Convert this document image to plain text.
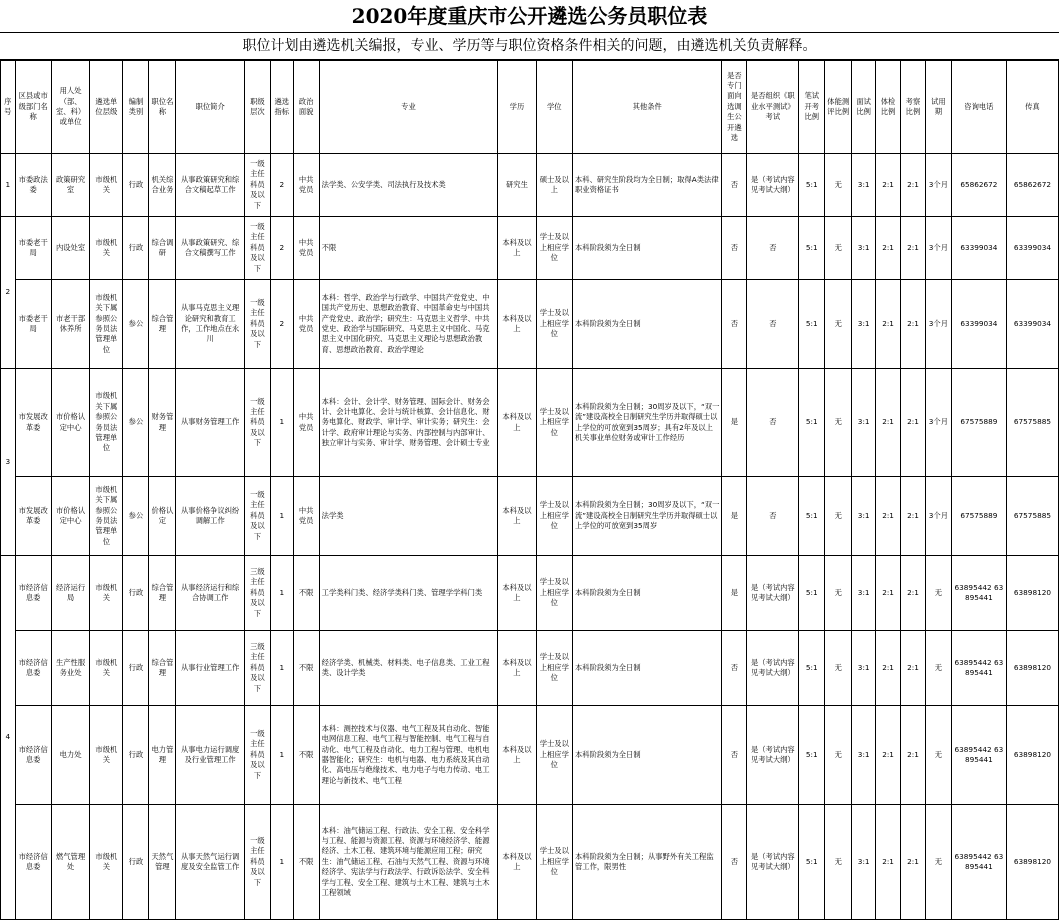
2020年度重庆市公开遴选公务员职位表
职位计划由遴选机关编报，专业、学历等与职位资格条件相关的问题，由遴选机关负责解释。
序号	区县或市级部门名称	用人处（部、室、科）或单位	遴选单位层级	编制类别	职位名称	职位简介	职级层次	遴选指标	政治面貌	专业	学历	学位	其他条件	是否专门面向选调生公开遴选	是否组织《职业水平测试》考试	笔试开考比例	体能测评比例	面试比例	体检比例	考察比例	试用期	咨询电话	传真
1	市委政法委	政策研究室	市级机关	行政	机关综合业务	从事政策研究和综合文稿起草工作	一级主任科员及以下	2	中共党员	法学类、公安学类、司法执行及技术类	研究生	硕士及以上	本科、研究生阶段均为全日制；取得A类法律职业资格证书	否	是（考试内容见考试大纲）	5:1	无	3:1	2:1	2:1	3个月	65862672	65862672
2	市委老干局	内设处室	市级机关	行政	综合调研	从事政策研究、综合文稿撰写工作	一级主任科员及以下	2	中共党员	不限	本科及以上	学士及以上相应学位	本科阶段须为全日制	否	否	5:1	无	3:1	2:1	2:1	3个月	63399034	63399034
	市委老干局	市老干部休养所	市级机关下属参照公务员法管理单位	参公	综合管理	从事马克思主义理论研究和教育工作，工作地点在永川	一级主任科员及以下	2	中共党员	本科：哲学、政治学与行政学、中国共产党党史、中国共产党历史、思想政治教育、中国革命史与中国共产党党史、政治学；研究生：马克思主义哲学、中共党史、政治学与国际研究、马克思主义中国化、马克思主义中国化研究、马克思主义理论与思想政治教育、思想政治教育、政治学理论	本科及以上	学士及以上相应学位	本科阶段须为全日制	否	否	5:1	无	3:1	2:1	2:1	3个月	63399034	63399034
3	市发展改革委	市价格认定中心	市级机关下属参照公务员法管理单位	参公	财务管理	从事财务管理工作	一级主任科员及以下	1	中共党员	本科：会计、会计学、财务管理、国际会计、财务会计、会计电算化、会计与统计核算、会计信息化、财务电算化、财政学、审计学、审计实务；研究生：会计学、政府审计理论与实务、内部控制与内部审计、独立审计与实务、审计学、财务管理、会计硕士专业	本科及以上	学士及以上相应学位	本科阶段须为全日制；30周岁及以下，“双一流”建设高校全日制研究生学历并取得硕士以上学位的可放宽到35周岁；具有2年及以上机关事业单位财务或审计工作经历	是	否	5:1	无	3:1	2:1	2:1	3个月	67575889	67575885
	市发展改革委	市价格认定中心	市级机关下属参照公务员法管理单位	参公	价格认定	从事价格争议纠纷调解工作	一级主任科员及以下	1	中共党员	法学类	本科及以上	学士及以上相应学位	本科阶段须为全日制；30周岁及以下，“双一流”建设高校全日制研究生学历并取得硕士以上学位的可放宽到35周岁	是	否	5:1	无	3:1	2:1	2:1	3个月	67575889	67575885
4	市经济信息委	经济运行局	市级机关	行政	综合管理	从事经济运行和综合协调工作	三级主任科员及以下	1	不限	工学类科门类、经济学类科门类、管理学学科门类	本科及以上	学士及以上相应学位	本科阶段须为全日制	是	是（考试内容见考试大纲）	5:1	无	3:1	2:1	2:1	无	63895442 63895441	63898120
	市经济信息委	生产性服务业处	市级机关	行政	综合管理	从事行业管理工作	三级主任科员及以下	1	不限	经济学类、机械类、材料类、电子信息类、工业工程类、设计学类	本科及以上	学士及以上相应学位	本科阶段须为全日制	否	是（考试内容见考试大纲）	5:1	无	3:1	2:1	2:1	无	63895442 63895441	63898120
	市经济信息委	电力处	市级机关	行政	电力管理	从事电力运行调度及行业管理工作	一级主任科员及以下	1	不限	本科：测控技术与仪器、电气工程及其自动化、智能电网信息工程、电气工程与智能控制、电气工程与自动化、电气工程及自动化、电力工程与管理、电机电器智能化；研究生：电机与电器、电力系统及其自动化、高电压与绝缘技术、电力电子与电力传动、电工理论与新技术、电气工程	本科及以上	学士及以上相应学位	本科阶段须为全日制	否	是（考试内容见考试大纲）	5:1	无	3:1	2:1	2:1	无	63895442 63895441	63898120
	市经济信息委	燃气管理处	市级机关	行政	天然气管理	从事天然气运行调度及安全监管工作	一级主任科员及以下	1	不限	本科：油气储运工程、行政法、安全工程、安全科学与工程、能源与资源工程、资源与环境经济学、能源经济、土木工程、建筑环境与能源应用工程；研究生：油气储运工程、石油与天然气工程、资源与环境经济学、宪法学与行政法学、行政诉讼法学、安全科学与工程、安全工程、建筑与土木工程、建筑与土木工程领域	本科及以上	学士及以上相应学位	本科阶段须为全日制；从事野外有关工程监管工作，限男性	否	是（考试内容见考试大纲）	5:1	无	3:1	2:1	2:1	无	63895442 63895441	63898120
